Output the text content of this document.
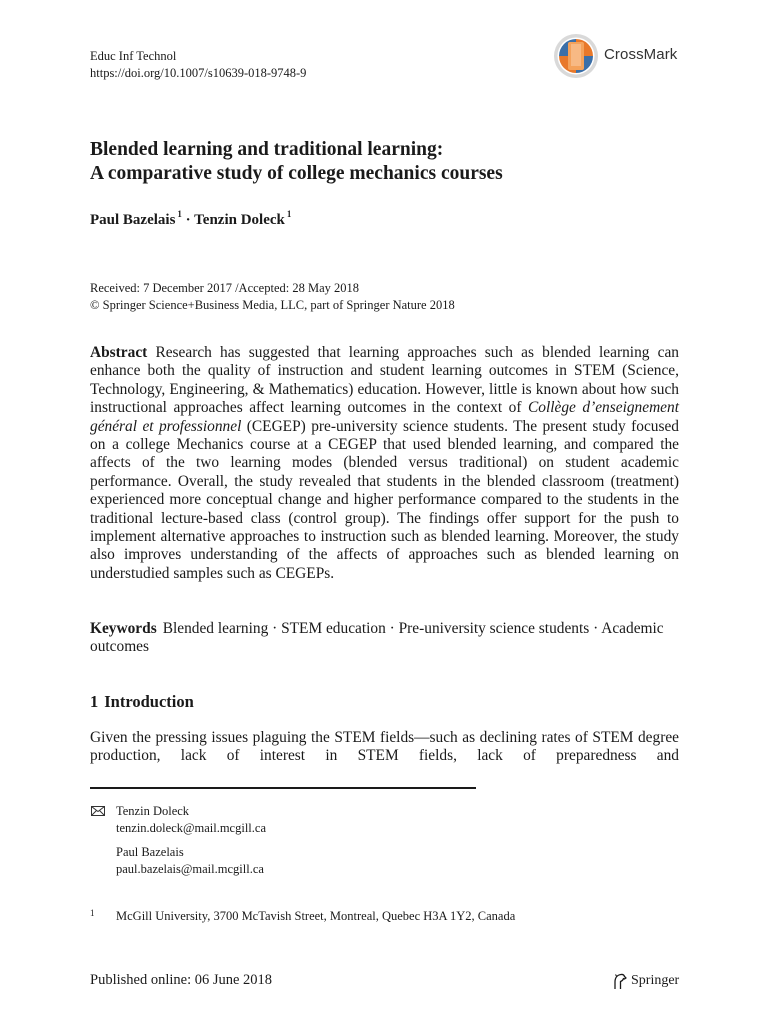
Educ Inf Technol
https://doi.org/10.1007/s10639-018-9748-9
CrossMark
Blended learning and traditional learning:
A comparative study of college mechanics courses
Paul Bazelais $^1$ · Tenzin Doleck $^1$
Received: 7 December 2017 /Accepted: 28 May 2018
© Springer Science+Business Media, LLC, part of Springer Nature 2018
Abstract Research has suggested that learning approaches such as blended learning can enhance both the quality of instruction and student learning outcomes in STEM (Science, Technology, Engineering, & Mathematics) education. However, little is known about how such instructional approaches affect learning outcomes in the context of Collège d’enseignement général et professionnel (CEGEP) pre-university science students. The present study focused on a college Mechanics course at a CEGEP that used blended learning, and compared the affects of the two learning modes (blended versus traditional) on student academic performance. Overall, the study revealed that students in the blended classroom (treatment) experienced more conceptual change and higher performance compared to the students in the traditional lecture-based class (control group). The findings offer support for the push to implement alternative approaches to instruction such as blended learning. Moreover, the study also improves understanding of the affects of approaches such as blended learning on understudied samples such as CEGEPs.
Keywords Blended learning · STEM education · Pre-university science students · Academic outcomes
1 Introduction
Given the pressing issues plaguing the STEM fields—such as declining rates of STEM degree production, lack of interest in STEM fields, lack of preparedness and
Tenzin Doleck
tenzin.doleck@mail.mcgill.ca
Paul Bazelais
paul.bazelais@mail.mcgill.ca
1 McGill University, 3700 McTavish Street, Montreal, Quebec H3A 1Y2, Canada
Published online: 06 June 2018	Springer
